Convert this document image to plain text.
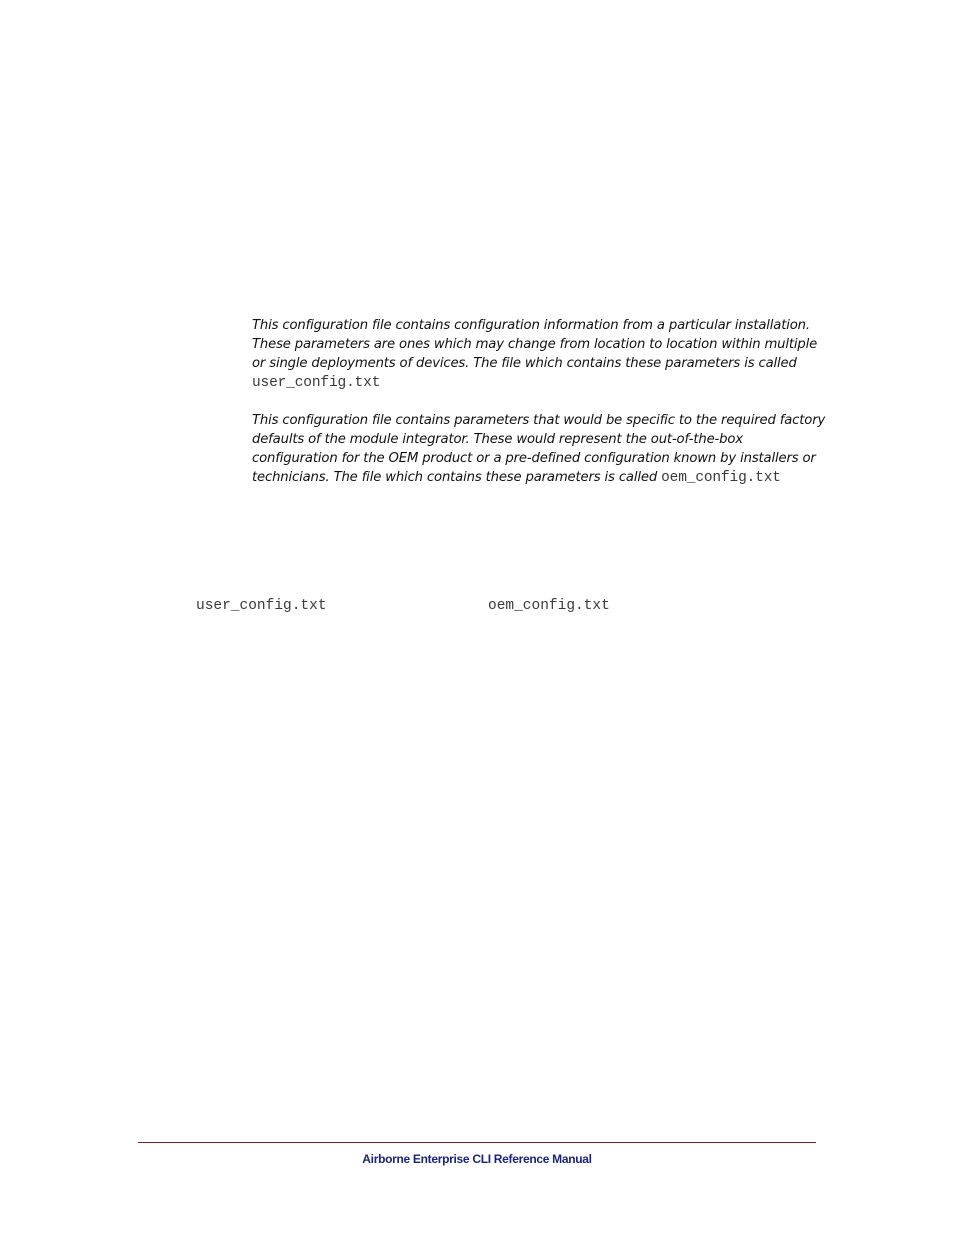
This configuration file contains configuration information from a particular installation.
These parameters are ones which may change from location to location within multiple
or single deployments of devices. The file which contains these parameters is called
user_config.txt

This configuration file contains parameters that would be specific to the required factory
defaults of the module integrator. These would represent the out-of-the-box
configuration for the OEM product or a pre-defined configuration known by installers or
technicians. The file which contains these parameters is called oem_config.txt

user_config.txt	oem_config.txt
Airborne Enterprise CLI Reference Manual
